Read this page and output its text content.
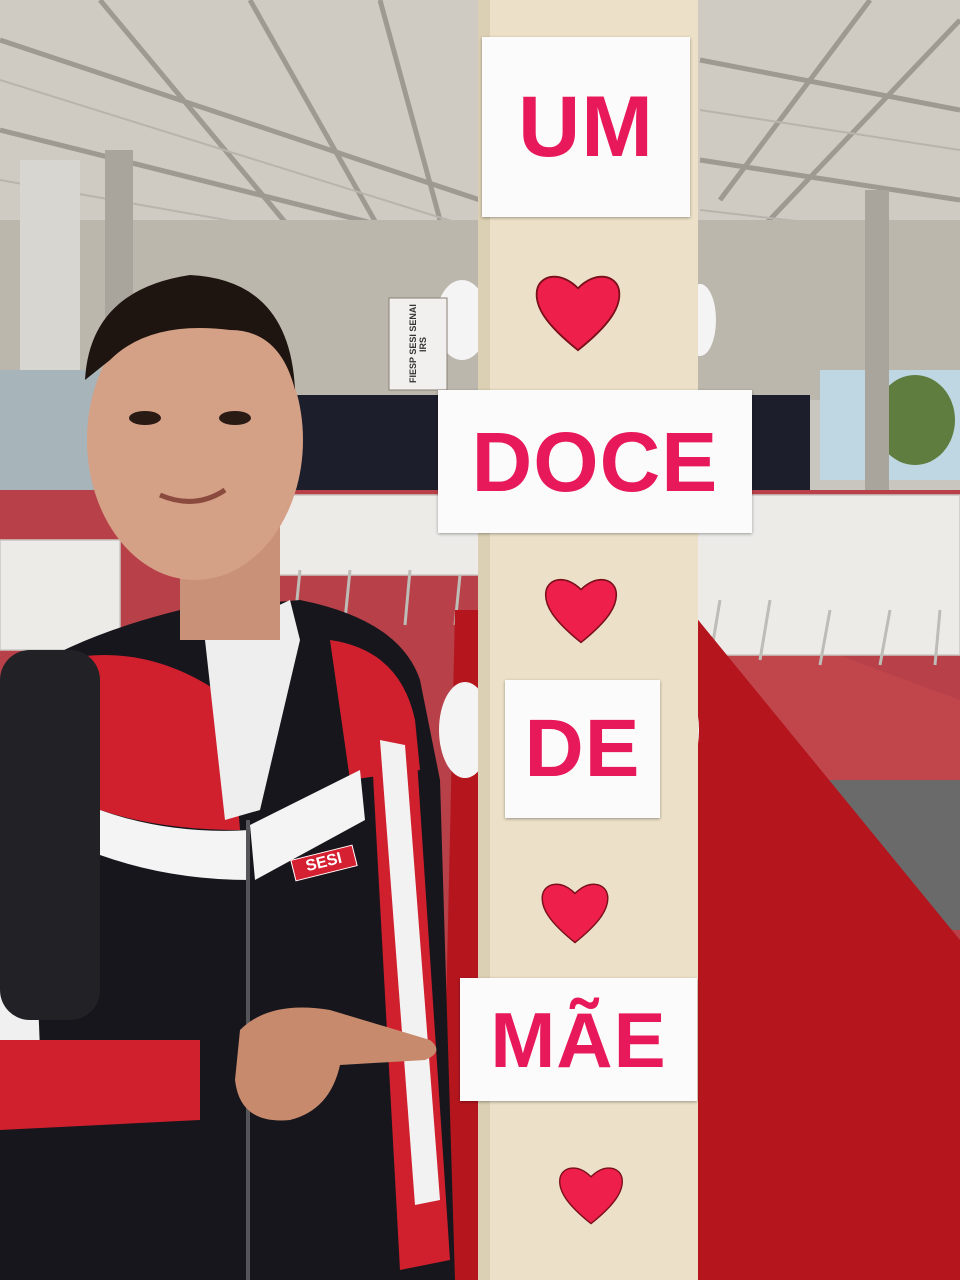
FIESP SESI SENAI IRS
SESI
UM
DOCE
DE
MÃE
